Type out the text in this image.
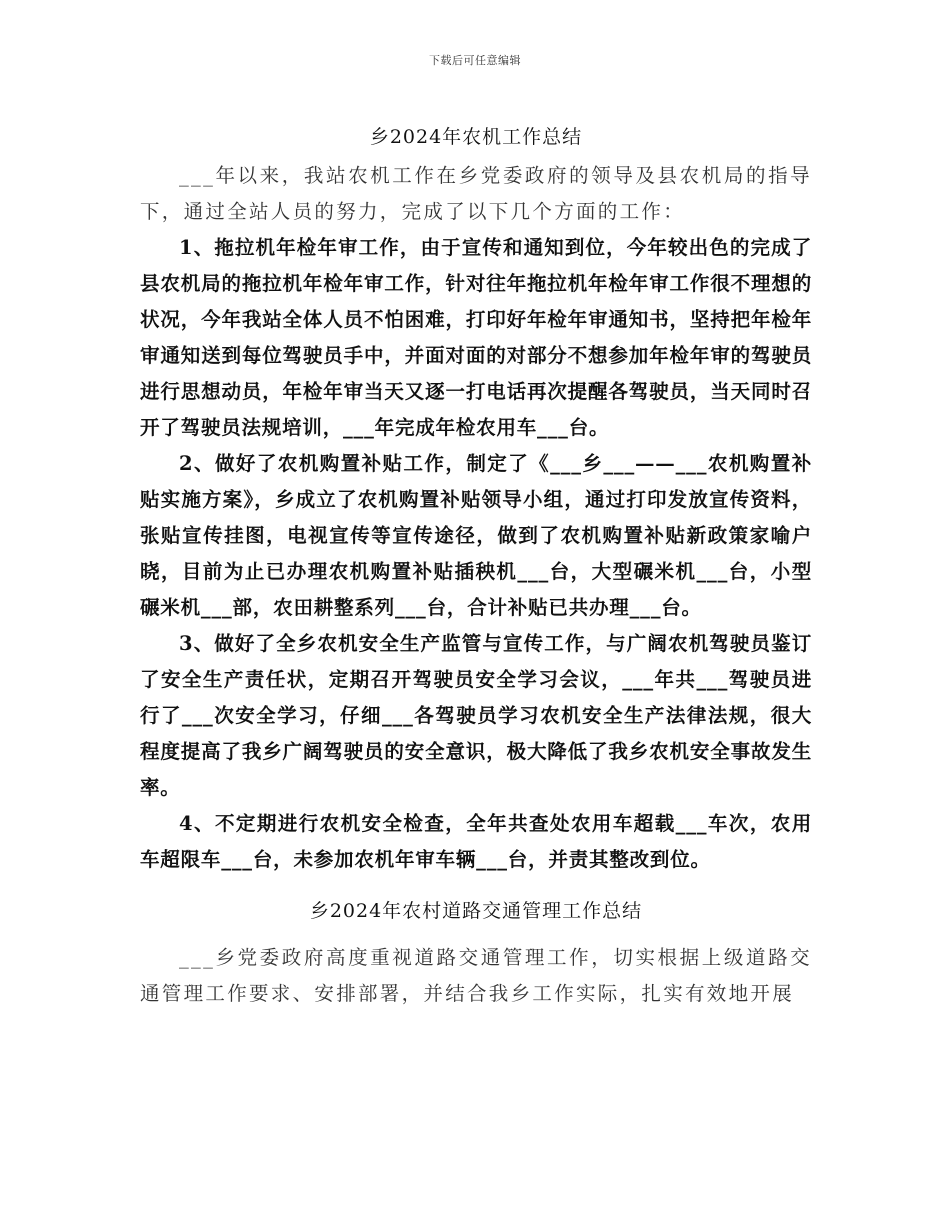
下载后可任意编辑
乡2024年农机工作总结

___年以来，我站农机工作在乡党委政府的领导及县农机局的指导下，通过全站人员的努力，完成了以下几个方面的工作：

1、拖拉机年检年审工作，由于宣传和通知到位，今年较出色的完成了县农机局的拖拉机年检年审工作，针对往年拖拉机年检年审工作很不理想的状况，今年我站全体人员不怕困难，打印好年检年审通知书，坚持把年检年审通知送到每位驾驶员手中，并面对面的对部分不想参加年检年审的驾驶员进行思想动员，年检年审当天又逐一打电话再次提醒各驾驶员，当天同时召开了驾驶员法规培训，___年完成年检农用车___台。

2、做好了农机购置补贴工作，制定了《___乡___——___农机购置补贴实施方案》，乡成立了农机购置补贴领导小组，通过打印发放宣传资料，张贴宣传挂图，电视宣传等宣传途径，做到了农机购置补贴新政策家喻户晓，目前为止已办理农机购置补贴插秧机___台，大型碾米机___台，小型碾米机___部，农田耕整系列___台，合计补贴已共办理___台。

3、做好了全乡农机安全生产监管与宣传工作，与广阔农机驾驶员鉴订了安全生产责任状，定期召开驾驶员安全学习会议，___年共___驾驶员进行了___次安全学习，仔细___各驾驶员学习农机安全生产法律法规，很大程度提高了我乡广阔驾驶员的安全意识，极大降低了我乡农机安全事故发生率。

4、不定期进行农机安全检查，全年共查处农用车超载___车次，农用车超限车___台，未参加农机年审车辆___台，并责其整改到位。

乡2024年农村道路交通管理工作总结

___乡党委政府高度重视道路交通管理工作，切实根据上级道路交通管理工作要求、安排部署，并结合我乡工作实际，扎实有效地开展
